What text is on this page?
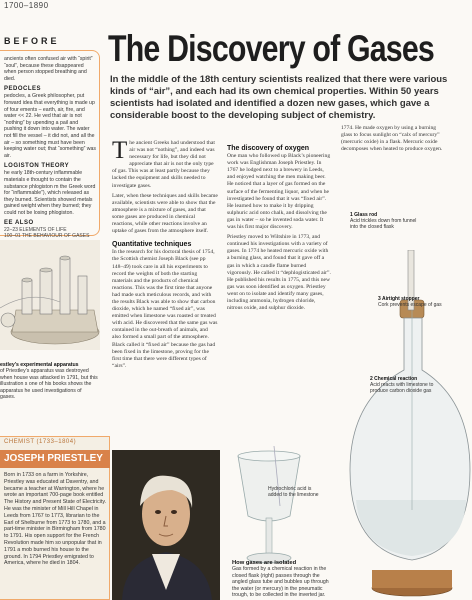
1700–1890
BEFORE The Discovery of Gases
In the middle of the 18th century scientists realized that there were various kinds of “air”, and each had its own chemical properties. Within 50 years scientists had isolated and identified a dozen new gases, which gave a considerable boost to the developing subject of chemistry.
ancients often confused air with “spirit” “soul”, because these disappeared when person stopped breathing and died.
PEDOCLES
pedocles, a Greek philosopher, put forward idea that everything is made up of four ements – earth, air, fire, and water << 22. He ved that air is not “nothing” by upending a pail and pushing it down into water. The water not fill the vessel – it did not, and all the air – so something must have been keeping water out; that “something” was air.
LOGISTON THEORY
he early 18th-century inflammable materials e thought to contain the substance phlogiston m the Greek word for “inflammable”), which released as they burned. Scientists showed metals gained weight when they burned; they could not be losing phlogiston.
EE ALSO
22–23 ELEMENTS OF LIFE
100–01 THE BEHAVIOUR OF GASES
estley’s experimental apparatus
of Priestley’s apparatus was destroyed when house was attacked in 1791, but this illustration s one of his books shows the apparatus he used investigations of gases.
T he ancient Greeks had understood that air was not “nothing”, and indeed was necessary for life, but they did not appreciate that air is not the only type of gas. This was at least partly because they lacked the equipment and skills needed to investigate gases.

Later, when these techniques and skills became available, scientists were able to show that the atmosphere is a mixture of gases, and that some gases are produced in chemical reactions, while other reactions involve an uptake of gases from the atmosphere itself.

Quantitative techniques
In the research for his doctoral thesis of 1754, the Scottish chemist Joseph Black (see pp 148–49) took care in all his experiments to record the weights of both the starting materials and the products of chemical reactions. This was the first time that anyone had made such meticulous records, and with the results Black was able to show that carbon dioxide, which he named “fixed air”, was emitted when limestone was roasted or treated with acid. He discovered that the same gas was contained in the out-breath of animals, and also formed a small part of the atmosphere. Black called it “fixed air” because the gas had been fixed in the limestone, proving for the first time that there were different types of “airs”.
The discovery of oxygen
One man who followed up Black’s pioneering work was Englishman Joseph Priestley. In 1767 he lodged next to a brewery in Leeds, and enjoyed watching the men making beer. He noticed that a layer of gas formed on the surface of the fermenting liquor, and when he investigated he found that it was “fixed air”. He learned how to make it by dripping sulphuric acid onto chalk, and dissolving the gas in water – so he invented soda water. It was his first major discovery.

Priestley moved to Wiltshire in 1773, and continued his investigations with a variety of gases. In 1774 he heated mercuric oxide with a burning glass, and found that it gave off a gas in which a candle flame burned vigorously. He called it “dephlogisticated air”. He published his results in 1775, and this new gas was soon identified as oxygen. Priestley went on to isolate and identify many gases, including ammonia, hydrogen chloride, nitrous oxide, and sulphur dioxide.

1774. He made oxygen by using a burning glass to focus sunlight on “calx of mercury” (mercuric oxide) in a flask. Mercuric oxide decomposes when heated to produce oxygen.
1 Glass rod
Acid trickles down from funnel into the closed flask
3 Airtight stopper
Cork prevents escape of gas
2 Chemical reaction
Acid reacts with limestone to produce carbon dioxide gas
CHEMIST (1733–1804)
JOSEPH PRIESTLEY
Born in 1733 on a farm in Yorkshire, Priestley was educated at Daventry, and became a teacher at Warrington, where he wrote an important 700-page book entitled The History and Present State of Electricity. He was the minister of Mill Hill Chapel in Leeds from 1767 to 1773, librarian to the Earl of Shelburne from 1773 to 1780, and a part-time minister in Birmingham from 1780 to 1791. His open support for the French Revolution made him so unpopular that in 1791 a mob burned his house to the ground. In 1794 Priestley emigrated to America, where he died in 1804.
Hydrochloric acid is added to the limestone
How gases are isolated
Gas formed by a chemical reaction in the closed flask (right) passes through the angled glass tube and bubbles up through the water (or mercury) in the pneumatic trough, to be collected in the inverted jar.
